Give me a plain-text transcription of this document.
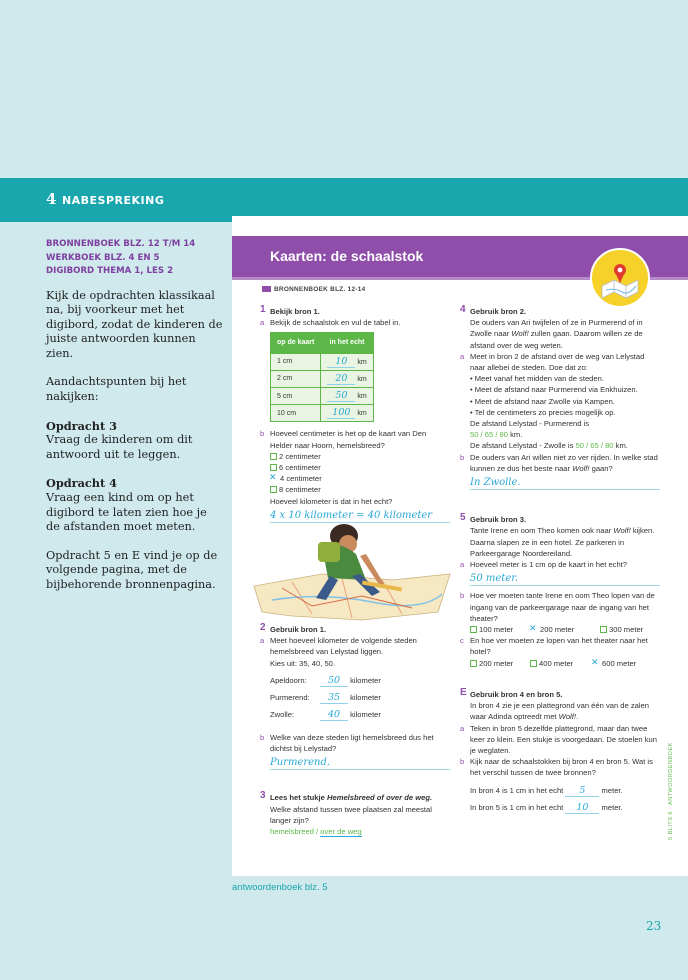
4 NABESPREKING
BRONNENBOEK BLZ. 12 T/M 14
WERKBOEK BLZ. 4 EN 5
DIGIBORD THEMA 1, LES 2

Kijk de opdrachten klassikaal na, bij voorkeur met het digibord, zodat de kinderen de juiste antwoorden kunnen zien.

Aandachtspunten bij het nakijken:

Opdracht 3

Vraag de kinderen om dit antwoord uit te leggen.

Opdracht 4

Vraag een kind om op het digibord te laten zien hoe je de afstanden moet meten.

Opdracht 5 en E vind je op de volgende pagina, met de bijbehorende bronnenpagina.

Kaarten: de schaalstok
BRONNENBOEK BLZ. 12-14
1 Bekijk bron 1.
a Bekijk de schaalstok en vul de tabel in.
op de kaart	in het echt
1 cm	10 km
2 cm	20 km
5 cm	50 km
10 cm	100 km
b Hoeveel centimeter is het op de kaart van Den Helder naar Hoorn, hemelsbreed?
2 centimeter
6 centimeter
✕4 centimeter
8 centimeter
Hoeveel kilometer is dat in het echt?
4 x 10 kilometer = 40 kilometer
2 Gebruik bron 1.
a Meet hoeveel kilometer de volgende steden hemelsbreed van Lelystad liggen.
Kies uit: 35, 40, 50.
Apeldoorn: 50 kilometer
Purmerend: 35 kilometer
Zwolle:	40 kilometer
b Welke van deze steden ligt hemelsbreed dus het dichtst bij Lelystad?
Purmerend.
3 Lees het stukje Hemelsbreed of over de weg.
Welke afstand tussen twee plaatsen zal meestal langer zijn?
hemelsbreed / over de weg
4 Gebruik bron 2.
De ouders van Ari twijfelen of ze in Purmerend of in Zwolle naar Wolf! zullen gaan. Daarom willen ze de afstand over de weg weten.
a Meet in bron 2 de afstand over de weg van Lelystad naar allebei de steden. Doe dat zo:
• Meet vanaf het midden van de steden.
• Meet de afstand naar Purmerend via Enkhuizen.
• Meet de afstand naar Zwolle via Kampen.
• Tel de centimeters zo precies mogelijk op.
De afstand Lelystad - Purmerend is
50 / 65 / 80 km.
De afstand Lelystad - Zwolle is 50 / 65 / 80 km.
b De ouders van Ari willen niet zo ver rijden. In welke stad kunnen ze dus het beste naar Wolf! gaan?
In Zwolle.
5 Gebruik bron 3.
Tante Irene en oom Theo komen ook naar Wolf! kijken. Daarna slapen ze in een hotel. Ze parkeren in Parkeergarage Noordereiland.
a Hoeveel meter is 1 cm op de kaart in het echt?
50 meter.
b Hoe ver moeten tante Irene en oom Theo lopen van de ingang van de parkeergarage naar de ingang van het theater?
100 meter ✕	200 meter	300 meter
c En hoe ver moeten ze lopen van het theater naar het hotel?
200 meter	400 meter ✕	600 meter
E Gebruik bron 4 en bron 5.
In bron 4 zie je een plattegrond van één van de zalen waar Adinda optreedt met Wolf!.
a Teken in bron 5 dezelfde plattegrond, maar dan twee keer zo klein. Een stukje is voorgedaan. De stoelen kun je weglaten.
b Kijk naar de schaalstokken bij bron 4 en bron 5. Wat is het verschil tussen de twee bronnen?
In bron 4 is 1 cm in het echt 5 meter.
In bron 5 is 1 cm in het echt 10 meter.	5 BLITS 6 · ANTWOORDENBOEK
antwoordenboek blz. 5
23
